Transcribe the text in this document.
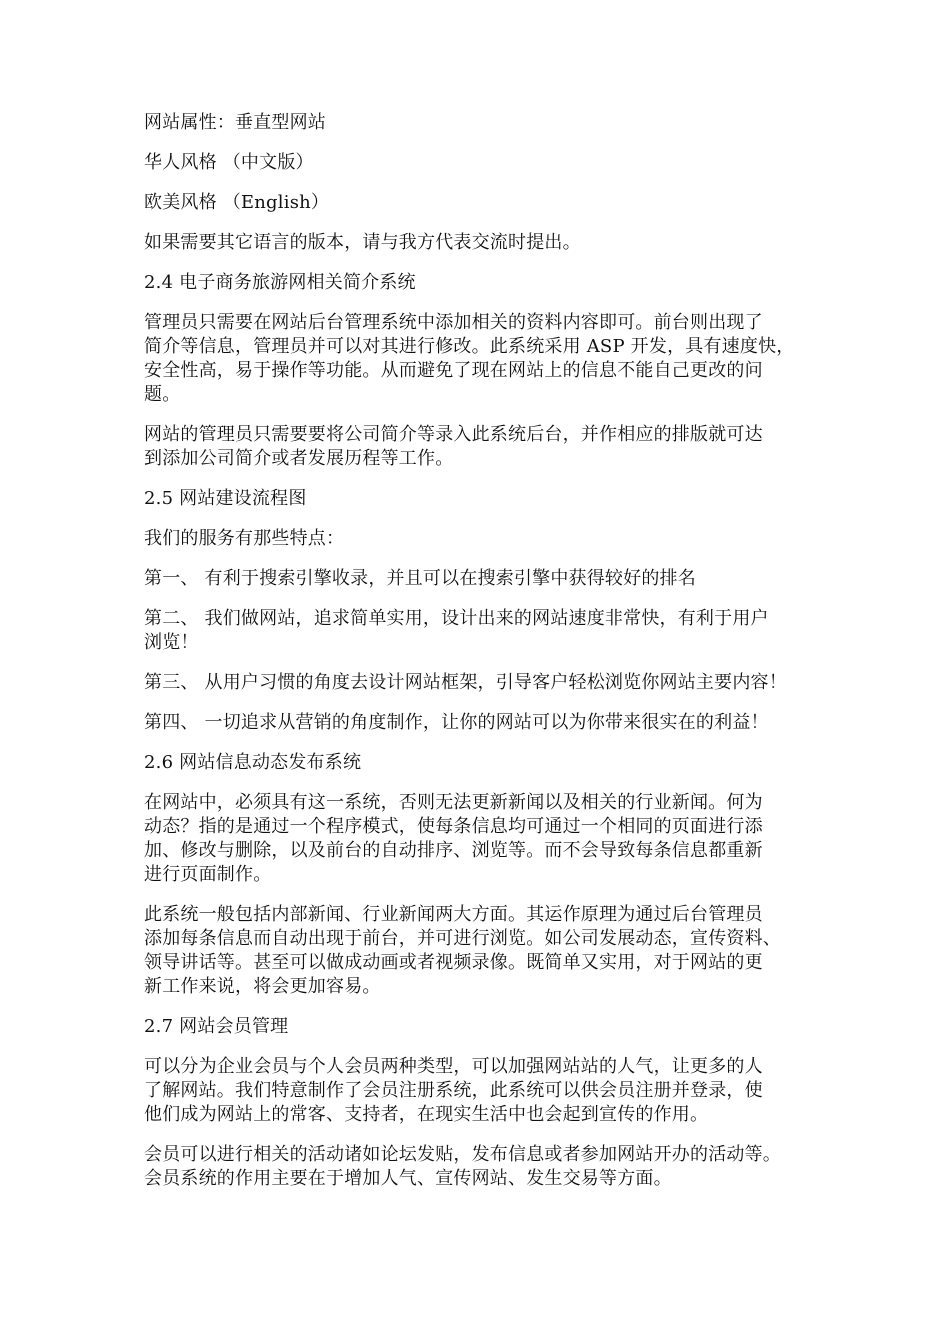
网站属性：垂直型网站

华人风格 （中文版）

欧美风格 （English）

如果需要其它语言的版本，请与我方代表交流时提出。

2.4 电子商务旅游网相关简介系统

管理员只需要在网站后台管理系统中添加相关的资料内容即可。前台则出现了
简介等信息，管理员并可以对其进行修改。此系统采用 ASP 开发，具有速度快，
安全性高，易于操作等功能。从而避免了现在网站上的信息不能自己更改的问
题。

网站的管理员只需要要将公司简介等录入此系统后台，并作相应的排版就可达
到添加公司简介或者发展历程等工作。

2.5 网站建设流程图

我们的服务有那些特点：

第一、 有利于搜索引擎收录，并且可以在搜索引擎中获得较好的排名

第二、 我们做网站，追求简单实用，设计出来的网站速度非常快，有利于用户
浏览！

第三、 从用户习惯的角度去设计网站框架，引导客户轻松浏览你网站主要内容！

第四、 一切追求从营销的角度制作，让你的网站可以为你带来很实在的利益！

2.6 网站信息动态发布系统

在网站中，必须具有这一系统，否则无法更新新闻以及相关的行业新闻。何为
动态？指的是通过一个程序模式，使每条信息均可通过一个相同的页面进行添
加、修改与删除，以及前台的自动排序、浏览等。而不会导致每条信息都重新
进行页面制作。

此系统一般包括内部新闻、行业新闻两大方面。其运作原理为通过后台管理员
添加每条信息而自动出现于前台，并可进行浏览。如公司发展动态，宣传资料、
领导讲话等。甚至可以做成动画或者视频录像。既简单又实用，对于网站的更
新工作来说，将会更加容易。

2.7 网站会员管理

可以分为企业会员与个人会员两种类型，可以加强网站站的人气，让更多的人
了解网站。我们特意制作了会员注册系统，此系统可以供会员注册并登录，使
他们成为网站上的常客、支持者，在现实生活中也会起到宣传的作用。

会员可以进行相关的活动诸如论坛发贴，发布信息或者参加网站开办的活动等。
会员系统的作用主要在于增加人气、宣传网站、发生交易等方面。
